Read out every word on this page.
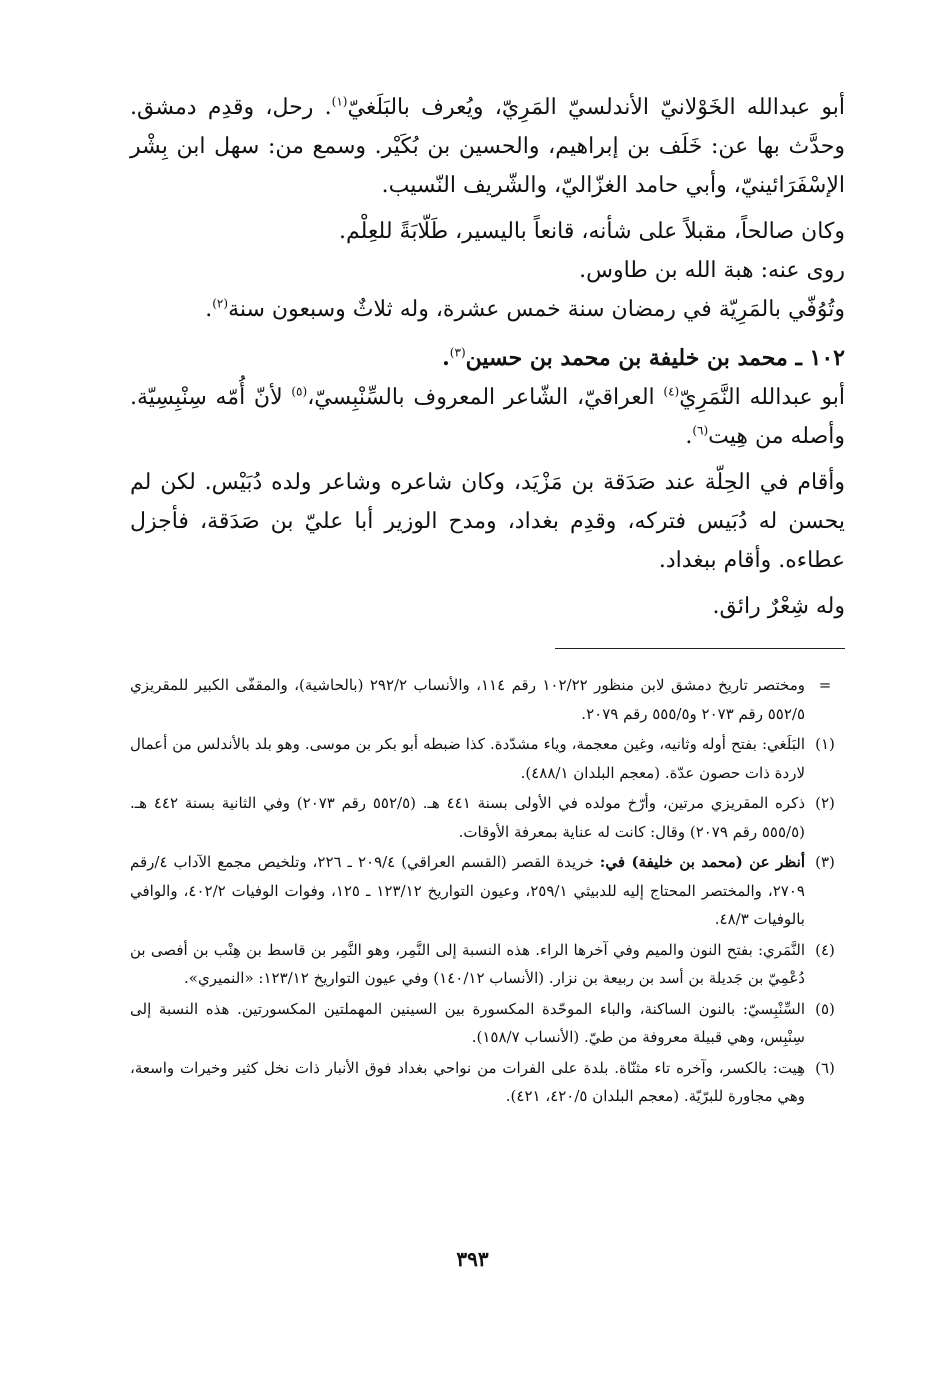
أبو عبدالله الخَوْلانيّ الأندلسيّ المَرِيّ، ويُعرف بالبَلَغيّ$^{(١)}$. رحل، وقدِم دمشق. وحدَّث بها عن: خَلَف بن إبراهيم، والحسين بن بُكَيْر. وسمع من: سهل ابن بِشْر الإسْفَرَائينيّ، وأبي حامد الغزّاليّ، والشّريف النّسيب.

وكان صالحاً، مقبلاً على شأنه، قانعاً باليسير، طَلّابَةً للعِلْم.

روى عنه: هبة الله بن طاوس.

وتُوُفّي بالمَرِيّة في رمضان سنة خمس عشرة، وله ثلاثٌ وسبعون سنة$^{(٢)}$.

١٠٢ ـ محمد بن خليفة بن محمد بن حسين$^{(٣)}$.

أبو عبدالله النَّمَرِيّ$^{(٤)}$ العراقيّ، الشّاعر المعروف بالسِّنْبِسيّ،$^{(٥)}$ لأنّ أُمّه سِنْبِسِيّة. وأصله من هِيت$^{(٦)}$.

وأقام في الحِلّة عند صَدَقة بن مَزْيَد، وكان شاعره وشاعر ولده دُبَيْس. لكن لم يحسن له دُبَيس فتركه، وقدِم بغداد، ومدح الوزير أبا عليّ بن صَدَقة، فأجزل عطاءه. وأقام ببغداد.

وله شِعْرٌ رائق.

=
ومختصر تاريخ دمشق لابن منظور ١٠٢/٢٢ رقم ١١٤، والأنساب ٢٩٢/٢ (بالحاشية)، والمقفّى الكبير للمقريزي ٥٥٢/٥ رقم ٢٠٧٣ و٥٥٥/٥ رقم ٢٠٧٩.
(١)
البَلَغي: بفتح أوله وثانيه، وغين معجمة، وياء مشدّدة. كذا ضبطه أبو بكر بن موسى. وهو بلد بالأندلس من أعمال لاردة ذات حصون عدّة. (معجم البلدان ٤٨٨/١).
(٢)
ذكره المقريزي مرتين، وأرّخ مولده في الأولى بسنة ٤٤١ هـ. (٥٥٢/٥ رقم ٢٠٧٣) وفي الثانية بسنة ٤٤٢ هـ. (٥٥٥/٥ رقم ٢٠٧٩) وقال: كانت له عناية بمعرفة الأوقات.
(٣)
أنظر عن (محمد بن خليفة) في: خريدة القصر (القسم العراقي) ٢٠٩/٤ ـ ٢٢٦، وتلخيص مجمع الآداب ٤/رقم ٢٧٠٩، والمختصر المحتاج إليه للدبيثي ٢٥٩/١، وعيون التواريخ ١٢٣/١٢ ـ ١٢٥، وفوات الوفيات ٤٠٢/٢، والوافي بالوفيات ٤٨/٣.
(٤)
النَّمَري: بفتح النون والميم وفي آخرها الراء. هذه النسبة إلى النَّمِر، وهو النَّمِر بن قاسط بن هِنْب بن أفصى بن دُعْمِيّ بن جَديلة بن أسد بن ربيعة بن نزار. (الأنساب ١٤٠/١٢) وفي عيون التواريخ ١٢٣/١٢: «النميري».
(٥)
السِّنْبِسيّ: بالنون الساكنة، والباء الموحّدة المكسورة بين السينين المهملتين المكسورتين. هذه النسبة إلى سِنْبِس، وهي قبيلة معروفة من طيّ. (الأنساب ١٥٨/٧).
(٦)
هِيت: بالكسر، وآخره تاء مثنّاة. بلدة على الفرات من نواحي بغداد فوق الأنبار ذات نخل كثير وخيرات واسعة، وهي مجاورة للبرّيّة. (معجم البلدان ٤٢٠/٥، ٤٢١).
٣٩٣
